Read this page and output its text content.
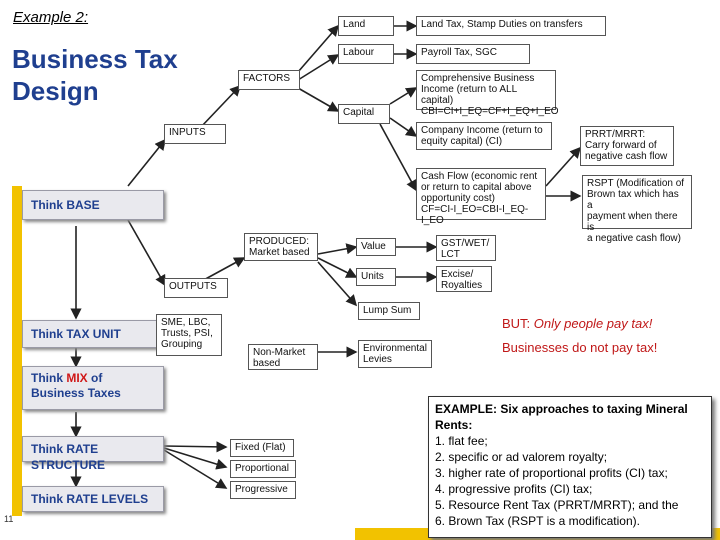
Example 2:
Business Tax
Design
Think BASE
Think TAX UNIT
Think MIX of
Business Taxes
Think RATE STRUCTURE
Think RATE LEVELS
INPUTS
OUTPUTS
FACTORS
PRODUCED:
Market based
Non-Market
based
SME, LBC,
Trusts, PSI,
Grouping
Land
Labour
Capital
Land Tax, Stamp Duties on transfers
Payroll Tax, SGC
Comprehensive Business
Income (return to ALL capital)
CBI=CI+I_EQ=CF+I_EQ+I_EO
Company Income (return to
equity capital) (CI)
Cash Flow (economic rent
or return to capital above
opportunity cost)
CF=CI-I_EO=CBI-I_EQ-I_EO
PRRT/MRRT:
Carry forward of
negative cash flow
RSPT (Modification of
Brown tax which has a
payment when there is
a negative cash flow)
Value
Units
Lump Sum
GST/WET/
LCT
Excise/
Royalties
Environmental
Levies
Fixed (Flat)
Proportional
Progressive
BUT: Only people pay tax!
Businesses do not pay tax!
EXAMPLE: Six approaches to taxing Mineral Rents:
1. flat fee;
2. specific or ad valorem royalty;
3. higher rate of proportional profits (CI) tax;
4. progressive profits (CI) tax;
5. Resource Rent Tax (PRRT/MRRT); and the
6. Brown Tax (RSPT is a modification).
11
